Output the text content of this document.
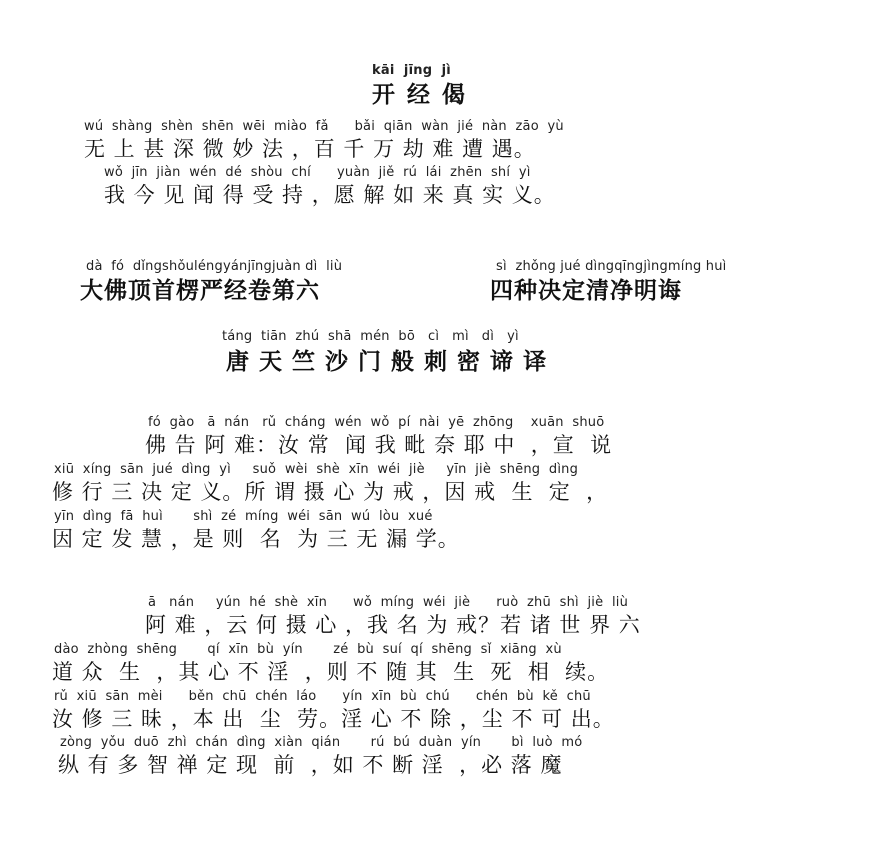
kāi  jīng  jì
开 经 偈
wú  shàng  shèn  shēn  wēi  miào  fǎ      bǎi  qiān  wàn  jié  nàn  zāo  yù
无 上 甚 深 微 妙 法 ，百 千 万 劫 难 遭 遇。
wǒ  jīn  jiàn  wén  dé  shòu  chí      yuàn  jiě  rú  lái  zhēn  shí  yì
我 今 见 闻 得 受 持 ，愿 解 如 来 真 实 义。
dà  fó  dǐngshǒuléngyánjīngjuàn dì  liù
大佛顶首楞严经卷第六
sì  zhǒng jué dìngqīngjìngmíng huì
四种决定清净明诲
táng  tiān  zhú  shā  mén  bō   cì   mì   dì   yì
唐 天 竺 沙 门 般 刺 密 谛 译
fó  gào   ā  nán   rǔ  cháng  wén  wǒ  pí  nài  yē  zhōng    xuān  shuō
佛 告 阿 难：汝 常  闻 我 毗 奈 耶 中  ，宣  说
xiū  xíng  sān  jué  dìng  yì     suǒ  wèi  shè  xīn  wéi  jiè     yīn  jiè  shēng  dìng
修 行 三 决 定 义。所 谓 摄 心 为 戒 ，因 戒  生  定  ，
yīn  dìng  fā  huì       shì  zé  míng  wéi  sān  wú  lòu  xué
因 定 发 慧 ，是 则  名  为 三 无 漏 学。
ā   nán     yún  hé  shè  xīn      wǒ  míng  wéi  jiè      ruò  zhū  shì  jiè  liù
阿 难 ，云 何 摄 心 ，我 名 为 戒？若 诸 世 界 六
dào  zhòng  shēng       qí  xīn  bù  yín       zé  bù  suí  qí  shēng  sǐ  xiāng  xù
道 众  生  ，其 心 不 淫  ，则 不 随 其  生  死  相  续。
rǔ  xiū  sān  mèi      běn  chū  chén  láo      yín  xīn  bù  chú      chén  bù  kě  chū
汝 修 三 昧 ，本 出  尘  劳。淫 心 不 除 ，尘 不 可 出。
zòng  yǒu  duō  zhì  chán  dìng  xiàn  qián       rú  bú  duàn  yín       bì  luò  mó
纵 有 多 智 禅 定 现  前  ，如 不 断 淫  ，必 落 魔
